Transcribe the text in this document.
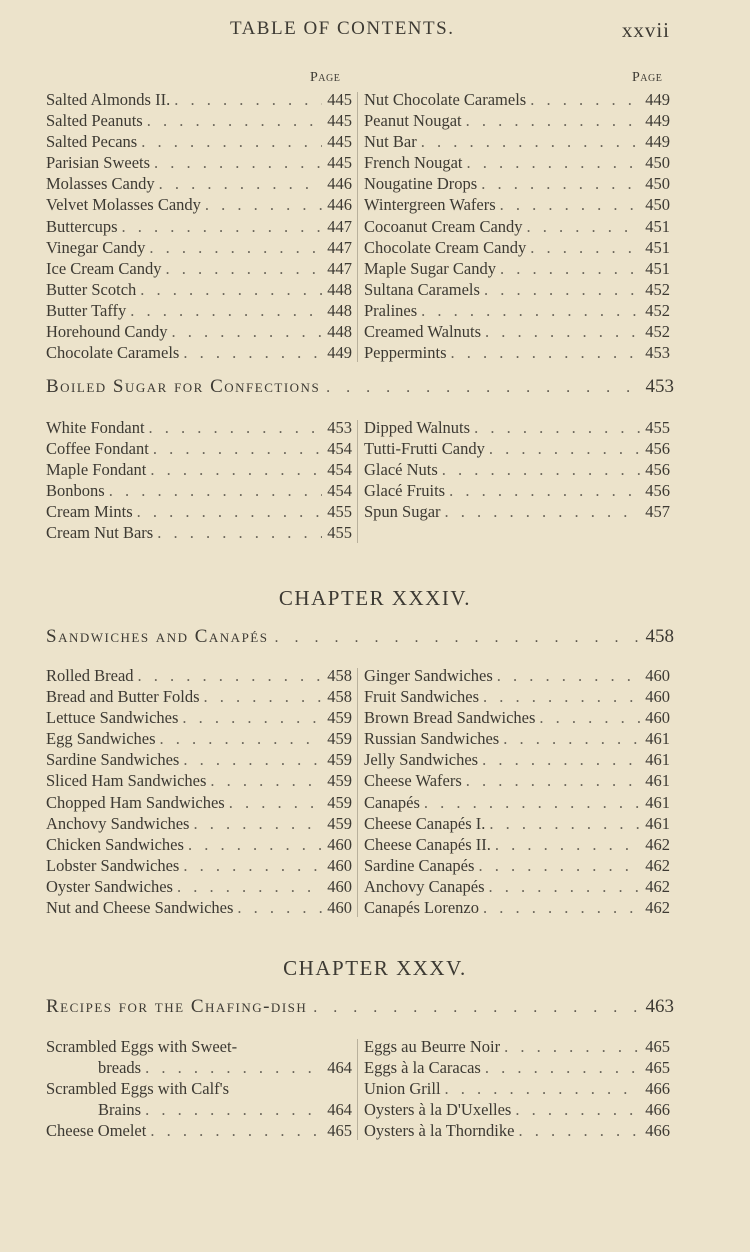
TABLE OF CONTENTS.	xxvii
Page	Page
Salted Almonds II. . . .	445
Salted Peanuts . . .	445
Salted Pecans . . .	445
Parisian Sweets . . .	445
Molasses Candy . . .	446
Velvet Molasses Candy . . .	446
Buttercups . . .	447
Vinegar Candy . . .	447
Ice Cream Candy . . .	447
Butter Scotch . . .	448
Butter Taffy . . .	448
Horehound Candy . . .	448
Chocolate Caramels . . .	449
Nut Chocolate Caramels . . .	449
Peanut Nougat . . .	449
Nut Bar . . .	449
French Nougat . . .	450
Nougatine Drops . . .	450
Wintergreen Wafers . . .	450
Cocoanut Cream Candy . . .	451
Chocolate Cream Candy . . .	451
Maple Sugar Candy . . .	451
Sultana Caramels . . .	452
Pralines . . .	452
Creamed Walnuts . . .	452
Peppermints . . .	453
Boiled Sugar for Confections . . .	453
White Fondant . . .	453
Coffee Fondant . . .	454
Maple Fondant . . .	454
Bonbons . . .	454
Cream Mints . . .	455
Cream Nut Bars . . .	455
Dipped Walnuts . . .	455
Tutti-Frutti Candy . . .	456
Glacé Nuts . . .	456
Glacé Fruits . . .	456
Spun Sugar . . .	457
CHAPTER XXXIV.
Sandwiches and Canapés . . .	458
Rolled Bread . . .	458
Bread and Butter Folds . . .	458
Lettuce Sandwiches . . .	459
Egg Sandwiches . . .	459
Sardine Sandwiches . . .	459
Sliced Ham Sandwiches . . .	459
Chopped Ham Sandwiches . . .	459
Anchovy Sandwiches . . .	459
Chicken Sandwiches . . .	460
Lobster Sandwiches . . .	460
Oyster Sandwiches . . .	460
Nut and Cheese Sandwiches . . .	460
Ginger Sandwiches . . .	460
Fruit Sandwiches . . .	460
Brown Bread Sandwiches . . .	460
Russian Sandwiches . . .	461
Jelly Sandwiches . . .	461
Cheese Wafers . . .	461
Canapés . . .	461
Cheese Canapés I. . . .	461
Cheese Canapés II. . . .	462
Sardine Canapés . . .	462
Anchovy Canapés . . .	462
Canapés Lorenzo . . .	462
CHAPTER XXXV.
Recipes for the Chafing-dish . . .	463
Scrambled Eggs with Sweet-
breads . . .	464
Scrambled Eggs with Calf's
Brains . . .	464
Cheese Omelet . . .	465
Eggs au Beurre Noir . . .	465
Eggs à la Caracas . . .	465
Union Grill . . .	466
Oysters à la D'Uxelles . . .	466
Oysters à la Thorndike . . .	466
